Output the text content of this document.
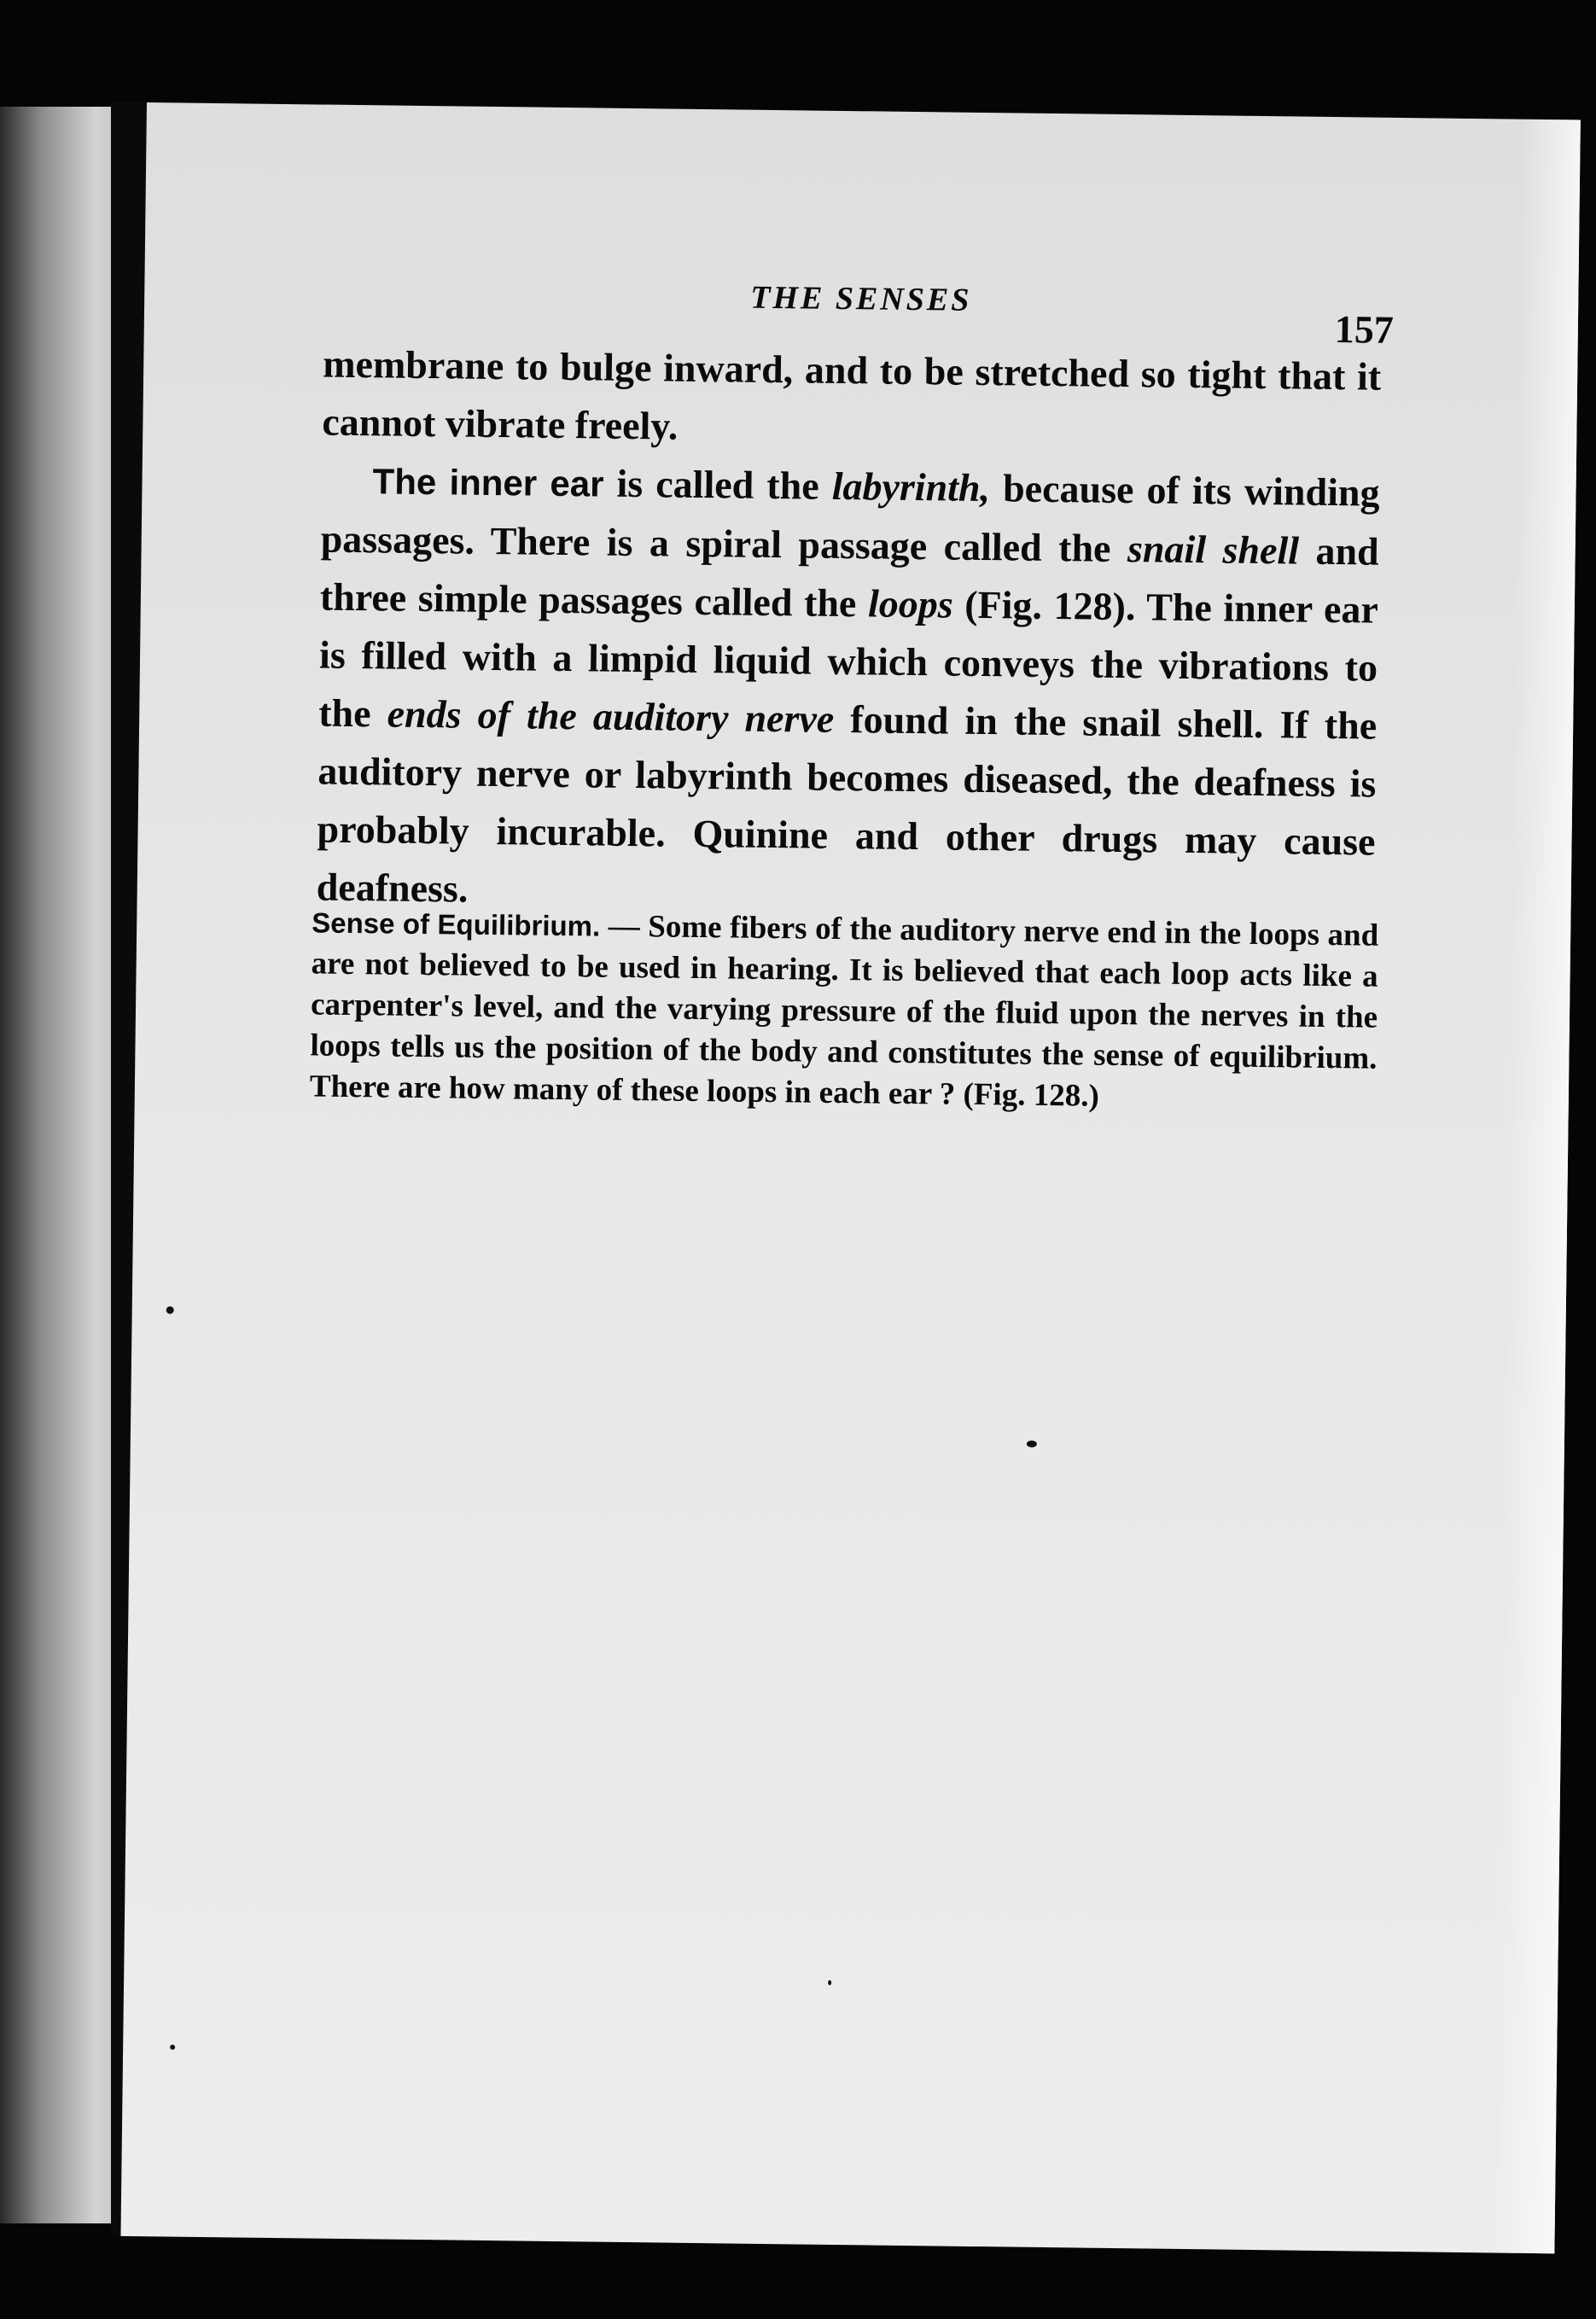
THE SENSES
157

membrane to bulge inward, and to be stretched so tight that it cannot vibrate freely.

The inner ear is called the labyrinth, because of its winding passages. There is a spiral passage called the snail shell and three simple passages called the loops (Fig. 128). The inner ear is filled with a limpid liquid which conveys the vibrations to the ends of the auditory nerve found in the snail shell. If the auditory nerve or labyrinth becomes diseased, the deafness is probably incurable. Quinine and other drugs may cause deafness.

Sense of Equilibrium. — Some fibers of the auditory nerve end in the loops and are not believed to be used in hearing. It is believed that each loop acts like a carpenter's level, and the varying pressure of the fluid upon the nerves in the loops tells us the position of the body and constitutes the sense of equilibrium. There are how many of these loops in each ear ? (Fig. 128.)
